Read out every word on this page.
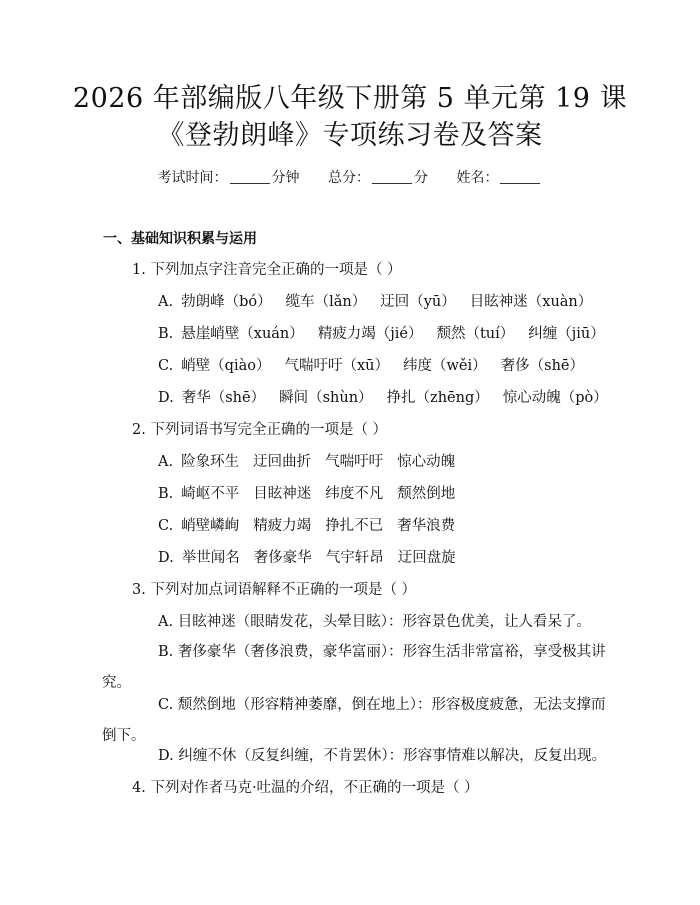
2026 年部编版八年级下册第 5 单元第 19 课
《登勃朗峰》专项练习卷及答案
考试时间：	分钟 总分：	分 姓名：
一、基础知识积累与运用
1. 下列加点字注音完全正确的一项是（ ）
A. 勃朗峰（bó） 缆车（lǎn） 迂回（yū） 目眩神迷（xuàn）
B. 悬崖峭壁（xuán） 精疲力竭（jié） 颓然（tuí） 纠缠（jiū）
C. 峭壁（qiào） 气喘吁吁（xū） 纬度（wěi） 奢侈（shē）
D. 奢华（shē） 瞬间（shùn） 挣扎（zhēng） 惊心动魄（pò）
2. 下列词语书写完全正确的一项是（ ）
A. 险象环生 迂回曲折 气喘吁吁 惊心动魄
B. 崎岖不平 目眩神迷 纬度不凡 颓然倒地
C. 峭壁嶙峋 精疲力竭 挣扎不已 奢华浪费
D. 举世闻名 奢侈豪华 气宇轩昂 迂回盘旋
3. 下列对加点词语解释不正确的一项是（ ）
A. 目眩神迷（眼睛发花，头晕目眩）：形容景色优美，让人看呆了。
B. 奢侈豪华（奢侈浪费，豪华富丽）：形容生活非常富裕，享受极其讲究。
C. 颓然倒地（形容精神萎靡，倒在地上）：形容极度疲惫，无法支撑而倒下。
D. 纠缠不休（反复纠缠，不肯罢休）：形容事情难以解决，反复出现。
4. 下列对作者马克·吐温的介绍，不正确的一项是（ ）
